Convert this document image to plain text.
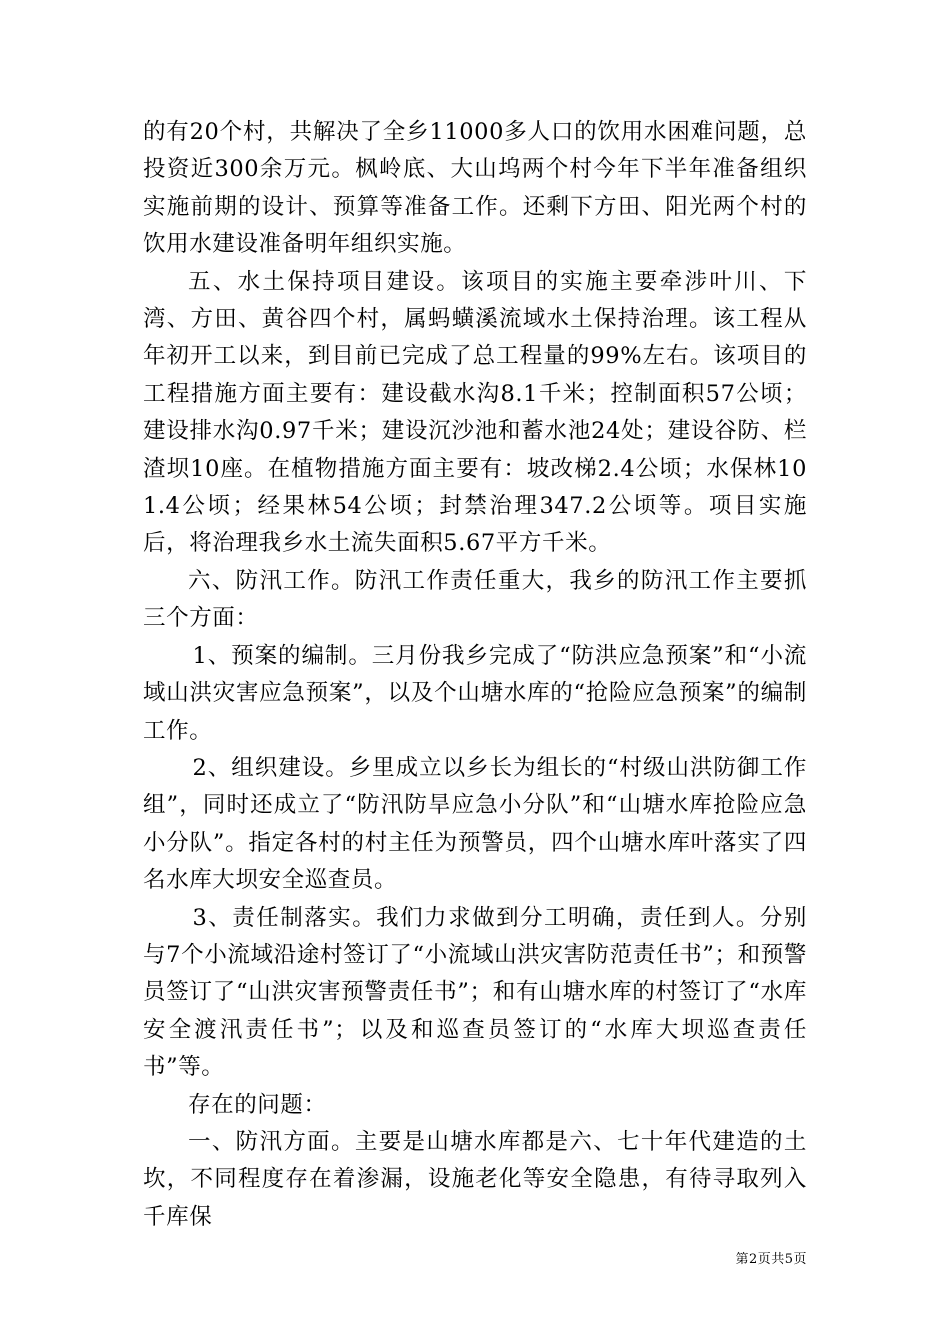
的有20个村，共解决了全乡11000多人口的饮用水困难问题，总投资近300余万元。枫岭底、大山坞两个村今年下半年准备组织实施前期的设计、预算等准备工作。还剩下方田、阳光两个村的饮用水建设准备明年组织实施。

五、水土保持项目建设。该项目的实施主要牵涉叶川、下湾、方田、黄谷四个村，属蚂蟥溪流域水土保持治理。该工程从年初开工以来，到目前已完成了总工程量的99%左右。该项目的工程措施方面主要有：建设截水沟8.1千米；控制面积57公顷；建设排水沟0.97千米；建设沉沙池和蓄水池24处；建设谷防、栏渣坝10座。在植物措施方面主要有：坡改梯2.4公顷；水保林101.4公顷；经果林54公顷；封禁治理347.2公顷等。项目实施后，将治理我乡水土流失面积5.67平方千米。

六、防汛工作。防汛工作责任重大，我乡的防汛工作主要抓三个方面：

1、预案的编制。三月份我乡完成了“防洪应急预案”和“小流域山洪灾害应急预案”，以及个山塘水库的“抢险应急预案”的编制工作。

2、组织建设。乡里成立以乡长为组长的“村级山洪防御工作组”，同时还成立了“防汛防旱应急小分队”和“山塘水库抢险应急小分队”。指定各村的村主任为预警员，四个山塘水库叶落实了四名水库大坝安全巡查员。

3、责任制落实。我们力求做到分工明确，责任到人。分别与7个小流域沿途村签订了“小流域山洪灾害防范责任书”；和预警员签订了“山洪灾害预警责任书”；和有山塘水库的村签订了“水库安全渡汛责任书”；以及和巡查员签订的“水库大坝巡查责任书”等。

存在的问题：

一、防汛方面。主要是山塘水库都是六、七十年代建造的土坎，不同程度存在着渗漏，设施老化等安全隐患，有待寻取列入千库保

第2页共5页
